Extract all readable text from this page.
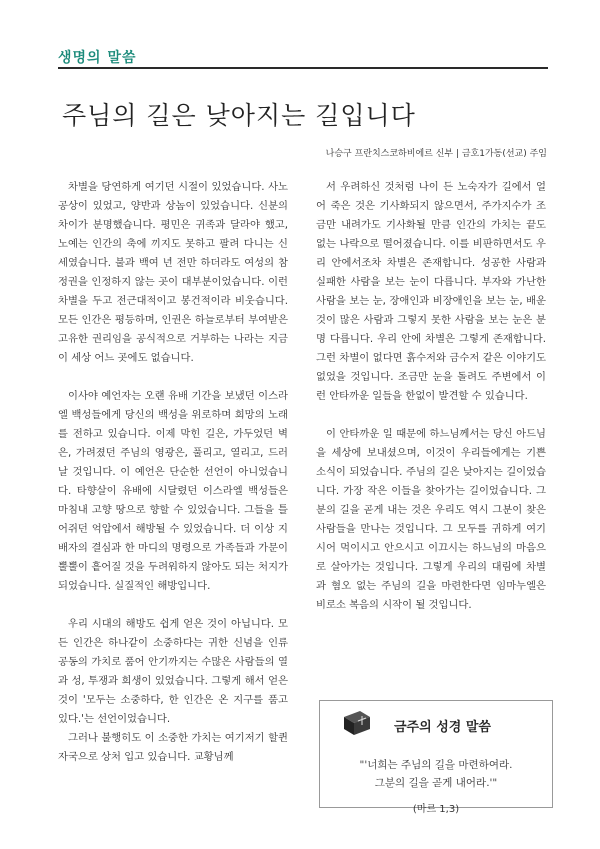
생명의 말씀
주님의 길은 낮아지는 길입니다
나승구 프란치스코하비에르 신부 | 금호1가동(선교) 주임

차별을 당연하게 여기던 시절이 있었습니다. 사노공상이 있었고, 양반과 상놈이 있었습니다. 신분의 차이가 분명했습니다. 평민은 귀족과 달라야 했고, 노예는 인간의 축에 끼지도 못하고 팔려 다니는 신세였습니다. 불과 백여 년 전만 하더라도 여성의 참정권을 인정하지 않는 곳이 대부분이었습니다. 이런 차별을 두고 전근대적이고 봉건적이라 비웃습니다. 모든 인간은 평등하며, 인권은 하늘로부터 부여받은 고유한 권리임을 공식적으로 거부하는 나라는 지금이 세상 어느 곳에도 없습니다.

이사야 예언자는 오랜 유배 기간을 보냈던 이스라엘 백성들에게 당신의 백성을 위로하며 희망의 노래를 전하고 있습니다. 이제 막힌 길은, 가두었던 벽은, 가려졌던 주님의 영광은, 풀리고, 열리고, 드러날 것입니다. 이 예언은 단순한 선언이 아니었습니다. 타향살이 유배에 시달렸던 이스라엘 백성들은 마침내 고향 땅으로 향할 수 있었습니다. 그들을 틀어쥐던 억압에서 해방될 수 있었습니다. 더 이상 지배자의 결심과 한 마디의 명령으로 가족들과 가문이 뿔뿔이 흩어질 것을 두려워하지 않아도 되는 처지가 되었습니다. 실질적인 해방입니다.

우리 시대의 해방도 쉽게 얻은 것이 아닙니다. 모든 인간은 하나같이 소중하다는 귀한 신념을 인류 공동의 가치로 품어 안기까지는 수많은 사람들의 열과 성, 투쟁과 희생이 있었습니다. 그렇게 해서 얻은 것이 '모두는 소중하다, 한 인간은 온 지구를 품고 있다.'는 선언이었습니다.

그러나 불행히도 이 소중한 가치는 여기저기 할퀸 자국으로 상처 입고 있습니다. 교황님께

서 우려하신 것처럼 나이 든 노숙자가 길에서 얼어 죽은 것은 기사화되지 않으면서, 주가지수가 조금만 내려가도 기사화될 만큼 인간의 가치는 끝도 없는 나락으로 떨어졌습니다. 이를 비판하면서도 우리 안에서조차 차별은 존재합니다. 성공한 사람과 실패한 사람을 보는 눈이 다릅니다. 부자와 가난한 사람을 보는 눈, 장애인과 비장애인을 보는 눈, 배운 것이 많은 사람과 그렇지 못한 사람을 보는 눈은 분명 다릅니다. 우리 안에 차별은 그렇게 존재합니다. 그런 차별이 없다면 흙수저와 금수저 같은 이야기도 없었을 것입니다. 조금만 눈을 돌려도 주변에서 이런 안타까운 일들을 한없이 발견할 수 있습니다.

이 안타까운 일 때문에 하느님께서는 당신 아드님을 세상에 보내셨으며, 이것이 우리들에게는 기쁜 소식이 되었습니다. 주님의 길은 낮아지는 길이었습니다. 가장 작은 이들을 찾아가는 길이었습니다. 그분의 길을 곧게 내는 것은 우리도 역시 그분이 찾은 사람들을 만나는 것입니다. 그 모두를 귀하게 여기시어 먹이시고 안으시고 이끄시는 하느님의 마음으로 살아가는 것입니다. 그렇게 우리의 대림에 차별과 혐오 없는 주님의 길을 마련한다면 임마누엘은 비로소 복음의 시작이 될 것입니다.

금주의 성경 말씀
"'너희는 주님의 길을 마련하여라.
그분의 길을 곧게 내어라.'"
(마르 1,3)
